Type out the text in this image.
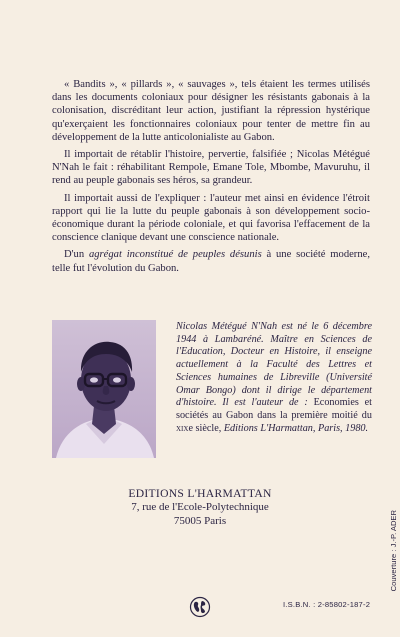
« Bandits », « pillards », « sauvages », tels étaient les termes utilisés dans les documents coloniaux pour désigner les résistants gabonais à la colonisation, discréditant leur action, justifiant la répression hystérique qu'exerçaient les fonctionnaires coloniaux pour tenter de mettre fin au développement de la lutte anticolonialiste au Gabon.

Il importait de rétablir l'histoire, pervertie, falsifiée ; Nicolas Métégué N'Nah le fait : réhabilitant Rempole, Emane Tole, Mbombe, Mavuruhu, il rend au peuple gabonais ses héros, sa grandeur.

Il importait aussi de l'expliquer : l'auteur met ainsi en évidence l'étroit rapport qui lie la lutte du peuple gabonais à son développement socio-économique durant la période coloniale, et qui favorisa l'effacement de la conscience clanique devant une conscience nationale.

D'un agrégat inconstitué de peuples désunis à une société moderne, telle fut l'évolution du Gabon.

Nicolas Métégué N'Nah est né le 6 décembre 1944 à Lambaréné. Maître en Sciences de l'Education, Docteur en Histoire, il enseigne actuellement à la Faculté des Lettres et Sciences humaines de Libreville (Université Omar Bongo) dont il dirige le département d'histoire. Il est l'auteur de : Economies et sociétés au Gabon dans la première moitié du xixe siècle, Editions L'Harmattan, Paris, 1980.
EDITIONS L'HARMATTAN
7, rue de l'Ecole-Polytechnique
75005 Paris
I.S.B.N. : 2-85802-187-2
Couverture : J.-P. ADER
